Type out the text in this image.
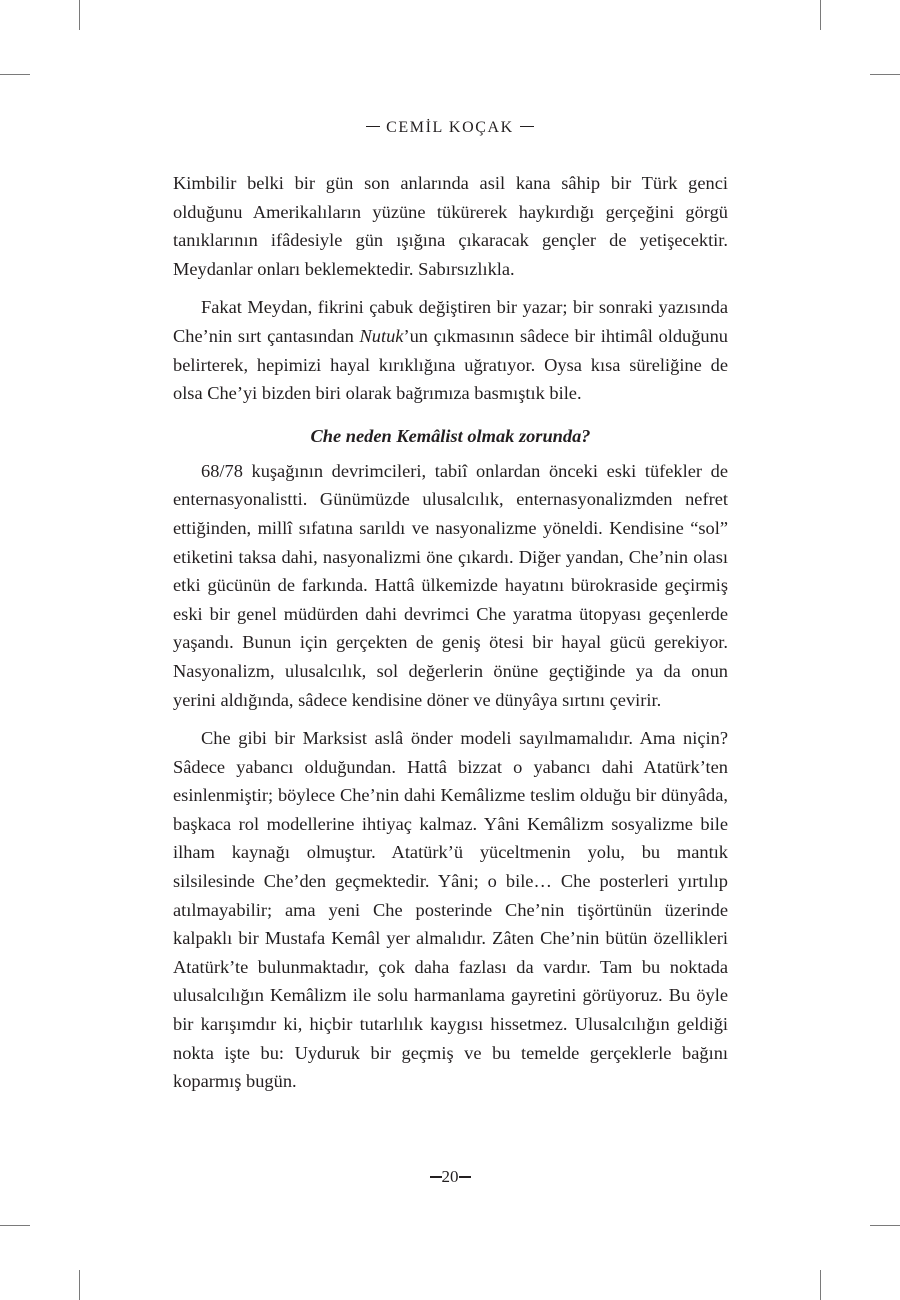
CEMİL KOÇAK

Kimbilir belki bir gün son anlarında asil kana sâhip bir Türk genci olduğunu Amerikalıların yüzüne tükürerek haykırdığı gerçeğini görgü tanıklarının ifâdesiyle gün ışığına çıkaracak gençler de yetişecektir. Meydanlar onları beklemektedir. Sabırsızlıkla.

Fakat Meydan, fikrini çabuk değiştiren bir yazar; bir sonraki yazısında Che’nin sırt çantasından Nutuk’un çıkmasının sâdece bir ihtimâl olduğunu belirterek, hepimizi hayal kırıklığına uğratıyor. Oysa kısa süreliğine de olsa Che’yi bizden biri olarak bağrımıza basmıştık bile.

Che neden Kemâlist olmak zorunda?

68/78 kuşağının devrimcileri, tabiî onlardan önceki eski tüfekler de enternasyonalistti. Günümüzde ulusalcılık, enternasyonalizmden nefret ettiğinden, millî sıfatına sarıldı ve nasyonalizme yöneldi. Kendisine “sol” etiketini taksa dahi, nasyonalizmi öne çıkardı. Diğer yandan, Che’nin olası etki gücünün de farkında. Hattâ ülkemizde hayatını bürokraside geçirmiş eski bir genel müdürden dahi devrimci Che yaratma ütopyası geçenlerde yaşandı. Bunun için gerçekten de geniş ötesi bir hayal gücü gerekiyor. Nasyonalizm, ulusalcılık, sol değerlerin önüne geçtiğinde ya da onun yerini aldığında, sâdece kendisine döner ve dünyâya sırtını çevirir.

Che gibi bir Marksist aslâ önder modeli sayılmamalıdır. Ama niçin? Sâdece yabancı olduğundan. Hattâ bizzat o yabancı dahi Atatürk’ten esinlenmiştir; böylece Che’nin dahi Kemâlizme teslim olduğu bir dünyâda, başkaca rol modellerine ihtiyaç kalmaz. Yâni Kemâlizm sosyalizme bile ilham kaynağı olmuştur. Atatürk’ü yüceltmenin yolu, bu mantık silsilesinde Che’den geçmektedir. Yâni; o bile… Che posterleri yırtılıp atılmayabilir; ama yeni Che posterinde Che’nin tişörtünün üzerinde kalpaklı bir Mustafa Kemâl yer almalıdır. Zâten Che’nin bütün özellikleri Atatürk’te bulunmaktadır, çok daha fazlası da vardır. Tam bu noktada ulusalcılığın Kemâlizm ile solu harmanlama gayretini görüyoruz. Bu öyle bir karışımdır ki, hiçbir tutarlılık kaygısı hissetmez. Ulusalcılığın geldiği nokta işte bu: Uyduruk bir geçmiş ve bu temelde gerçeklerle bağını koparmış bugün.

20
